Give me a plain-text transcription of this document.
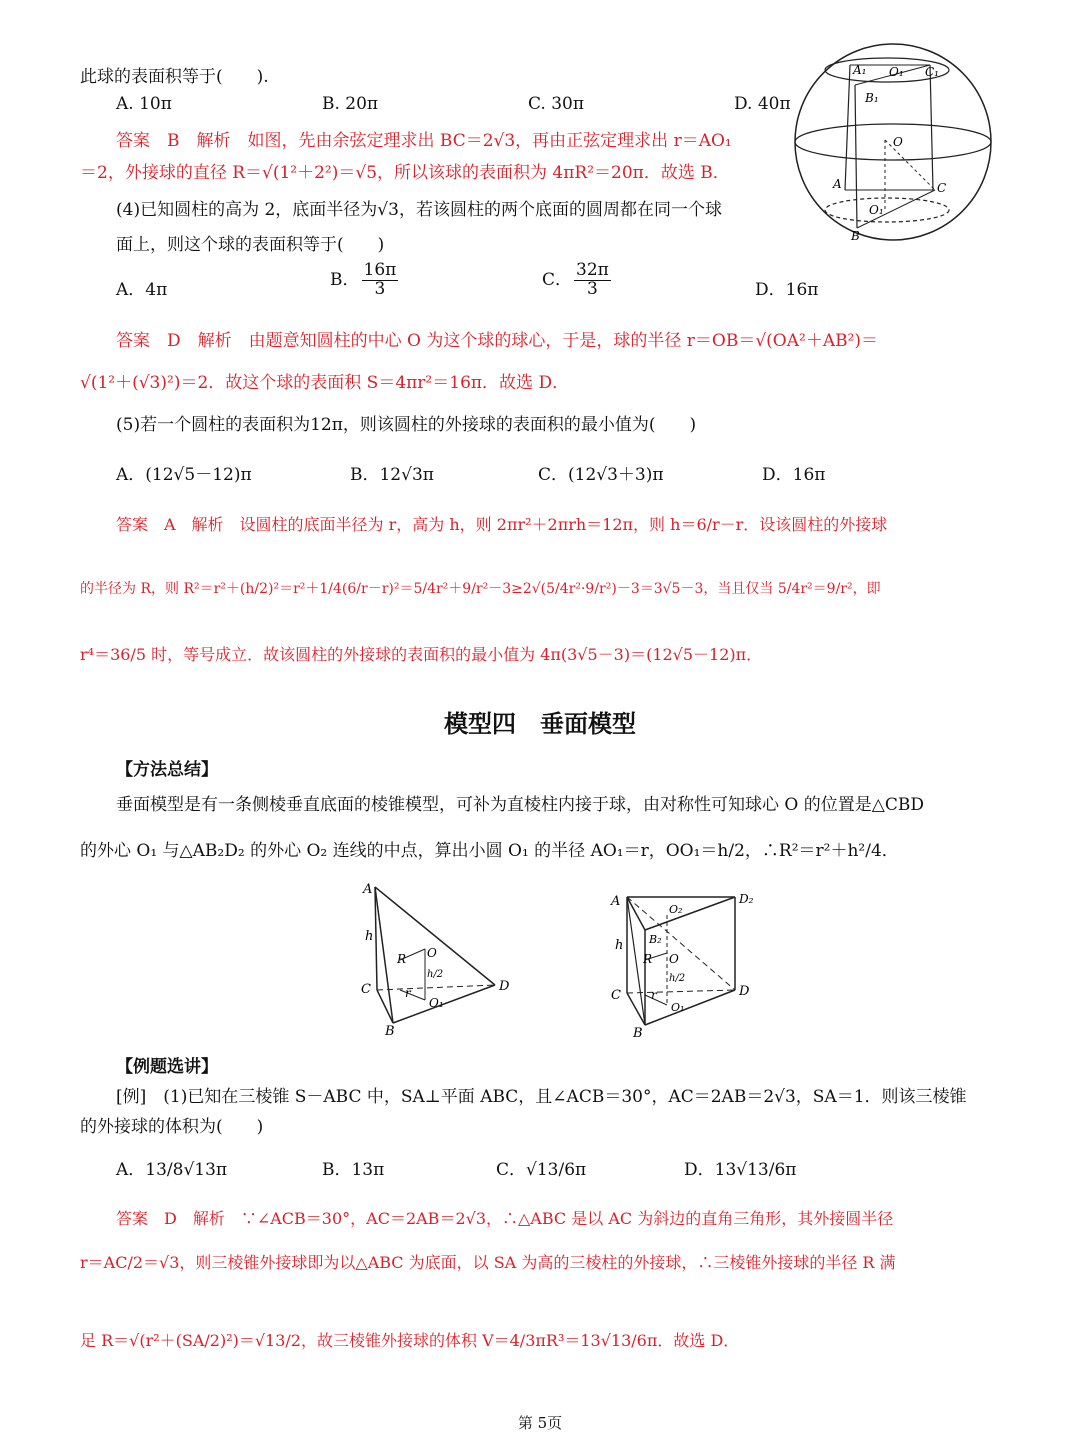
A₁ O₁ C₁
B₁
O
A	C
O₁
B
此球的表面积等于(　　).
A. 10π	B. 20π	C. 30π	D. 40π
答案　B　解析　如图，先由余弦定理求出 BC＝2√3，再由正弦定理求出 r＝AO₁
＝2，外接球的直径 R＝√(1²＋2²)＝√5，所以该球的表面积为 4πR²＝20π．故选 B．
(4)已知圆柱的高为 2，底面半径为√3，若该圆柱的两个底面的圆周都在同一个球
面上，则这个球的表面积等于(　　)
A．4π
B． $\frac{16\pi}{3}$	C． $\frac{32\pi}{3}$	D．16π
答案　D　解析　由题意知圆柱的中心 O 为这个球的球心，于是，球的半径 r＝OB＝√(OA²＋AB²)＝
√(1²＋(√3)²)＝2．故这个球的表面积 S＝4πr²＝16π．故选 D．
(5)若一个圆柱的表面积为12π，则该圆柱的外接球的表面积的最小值为(　　)
A．(12√5－12)π	B．12√3π	C．(12√3＋3)π	D．16π
答案　A　解析　设圆柱的底面半径为 r，高为 h，则 2πr²＋2πrh＝12π，则 h＝6/r－r．设该圆柱的外接球
的半径为 R，则 R²＝r²＋(h/2)²＝r²＋1/4(6/r－r)²＝5/4r²＋9/r²－3≥2√(5/4r²·9/r²)－3＝3√5－3，当且仅当 5/4r²＝9/r²，即
r⁴＝36/5 时，等号成立．故该圆柱的外接球的表面积的最小值为 4π(3√5－3)＝(12√5－12)π．
模型四　垂面模型
【方法总结】
垂面模型是有一条侧棱垂直底面的棱锥模型，可补为直棱柱内接于球，由对称性可知球心 O 的位置是△CBD
的外心 O₁ 与△AB₂D₂ 的外心 O₂ 连线的中点，算出小圆 O₁ 的半径 AO₁＝r，OO₁＝h/2，∴R²＝r²＋h²/4．
A
h
R O
h/2
C	r
O₁
D
B
A
O₂
D₂
B₂
h
R O
h/2
C	r
O₁
D
B
【例题选讲】
[例]　(1)已知在三棱锥 S－ABC 中，SA⊥平面 ABC，且∠ACB＝30°，AC＝2AB＝2√3，SA＝1．则该三棱锥
的外接球的体积为(　　)
A．13/8√13π	B．13π	C．√13/6π	D．13√13/6π
答案　D　解析　∵∠ACB＝30°，AC＝2AB＝2√3，∴△ABC 是以 AC 为斜边的直角三角形，其外接圆半径
r＝AC/2＝√3，则三棱锥外接球即为以△ABC 为底面，以 SA 为高的三棱柱的外接球，∴三棱锥外接球的半径 R 满
足 R＝√(r²＋(SA/2)²)＝√13/2，故三棱锥外接球的体积 V＝4/3πR³＝13√13/6π．故选 D．
第 5页
